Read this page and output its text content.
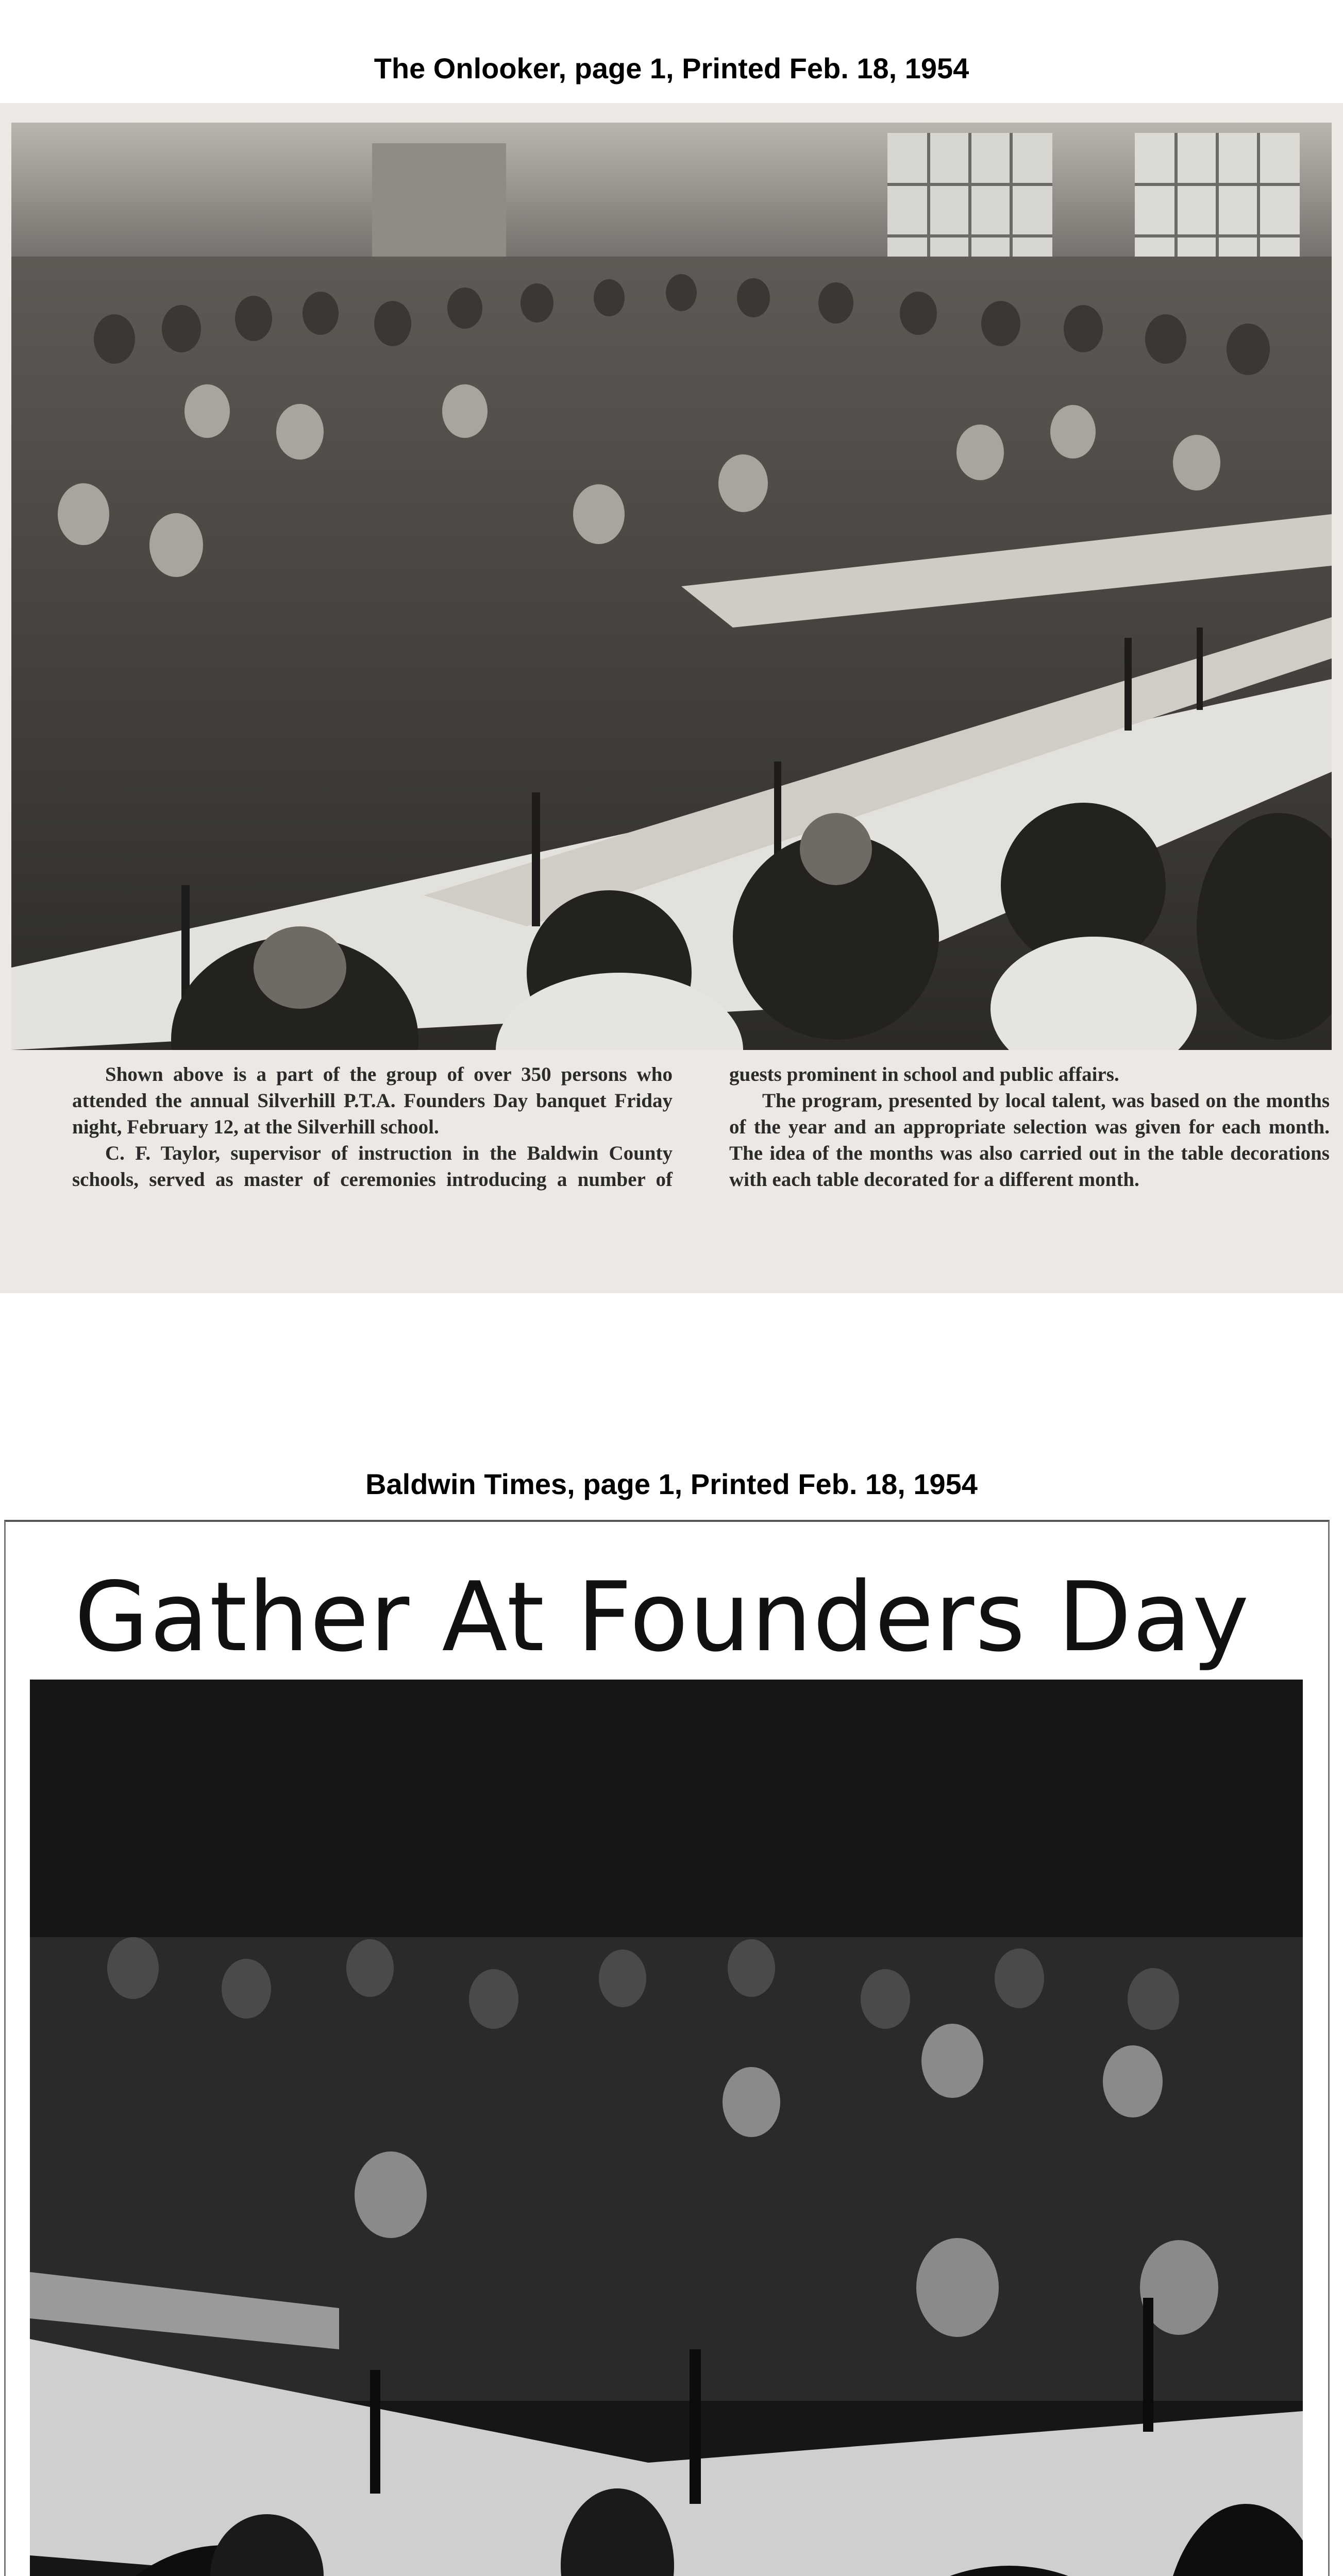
The Onlooker, page 1, Printed Feb. 18, 1954

Shown above is a part of the group of over 350 persons who attended the annual Silverhill P.T.A. Founders Day banquet Friday night, February 12, at the Silverhill school.

C. F. Taylor, supervisor of instruction in the Baldwin County schools, served as master of ceremonies introducing a number of guests prominent in school and public affairs.

The program, presented by local talent, was based on the months of the year and an appropriate selection was given for each month. The idea of the months was also carried out in the table decorations with each table decorated for a different month.

Baldwin Times, page 1, Printed Feb. 18, 1954
Gather At Founders Day
